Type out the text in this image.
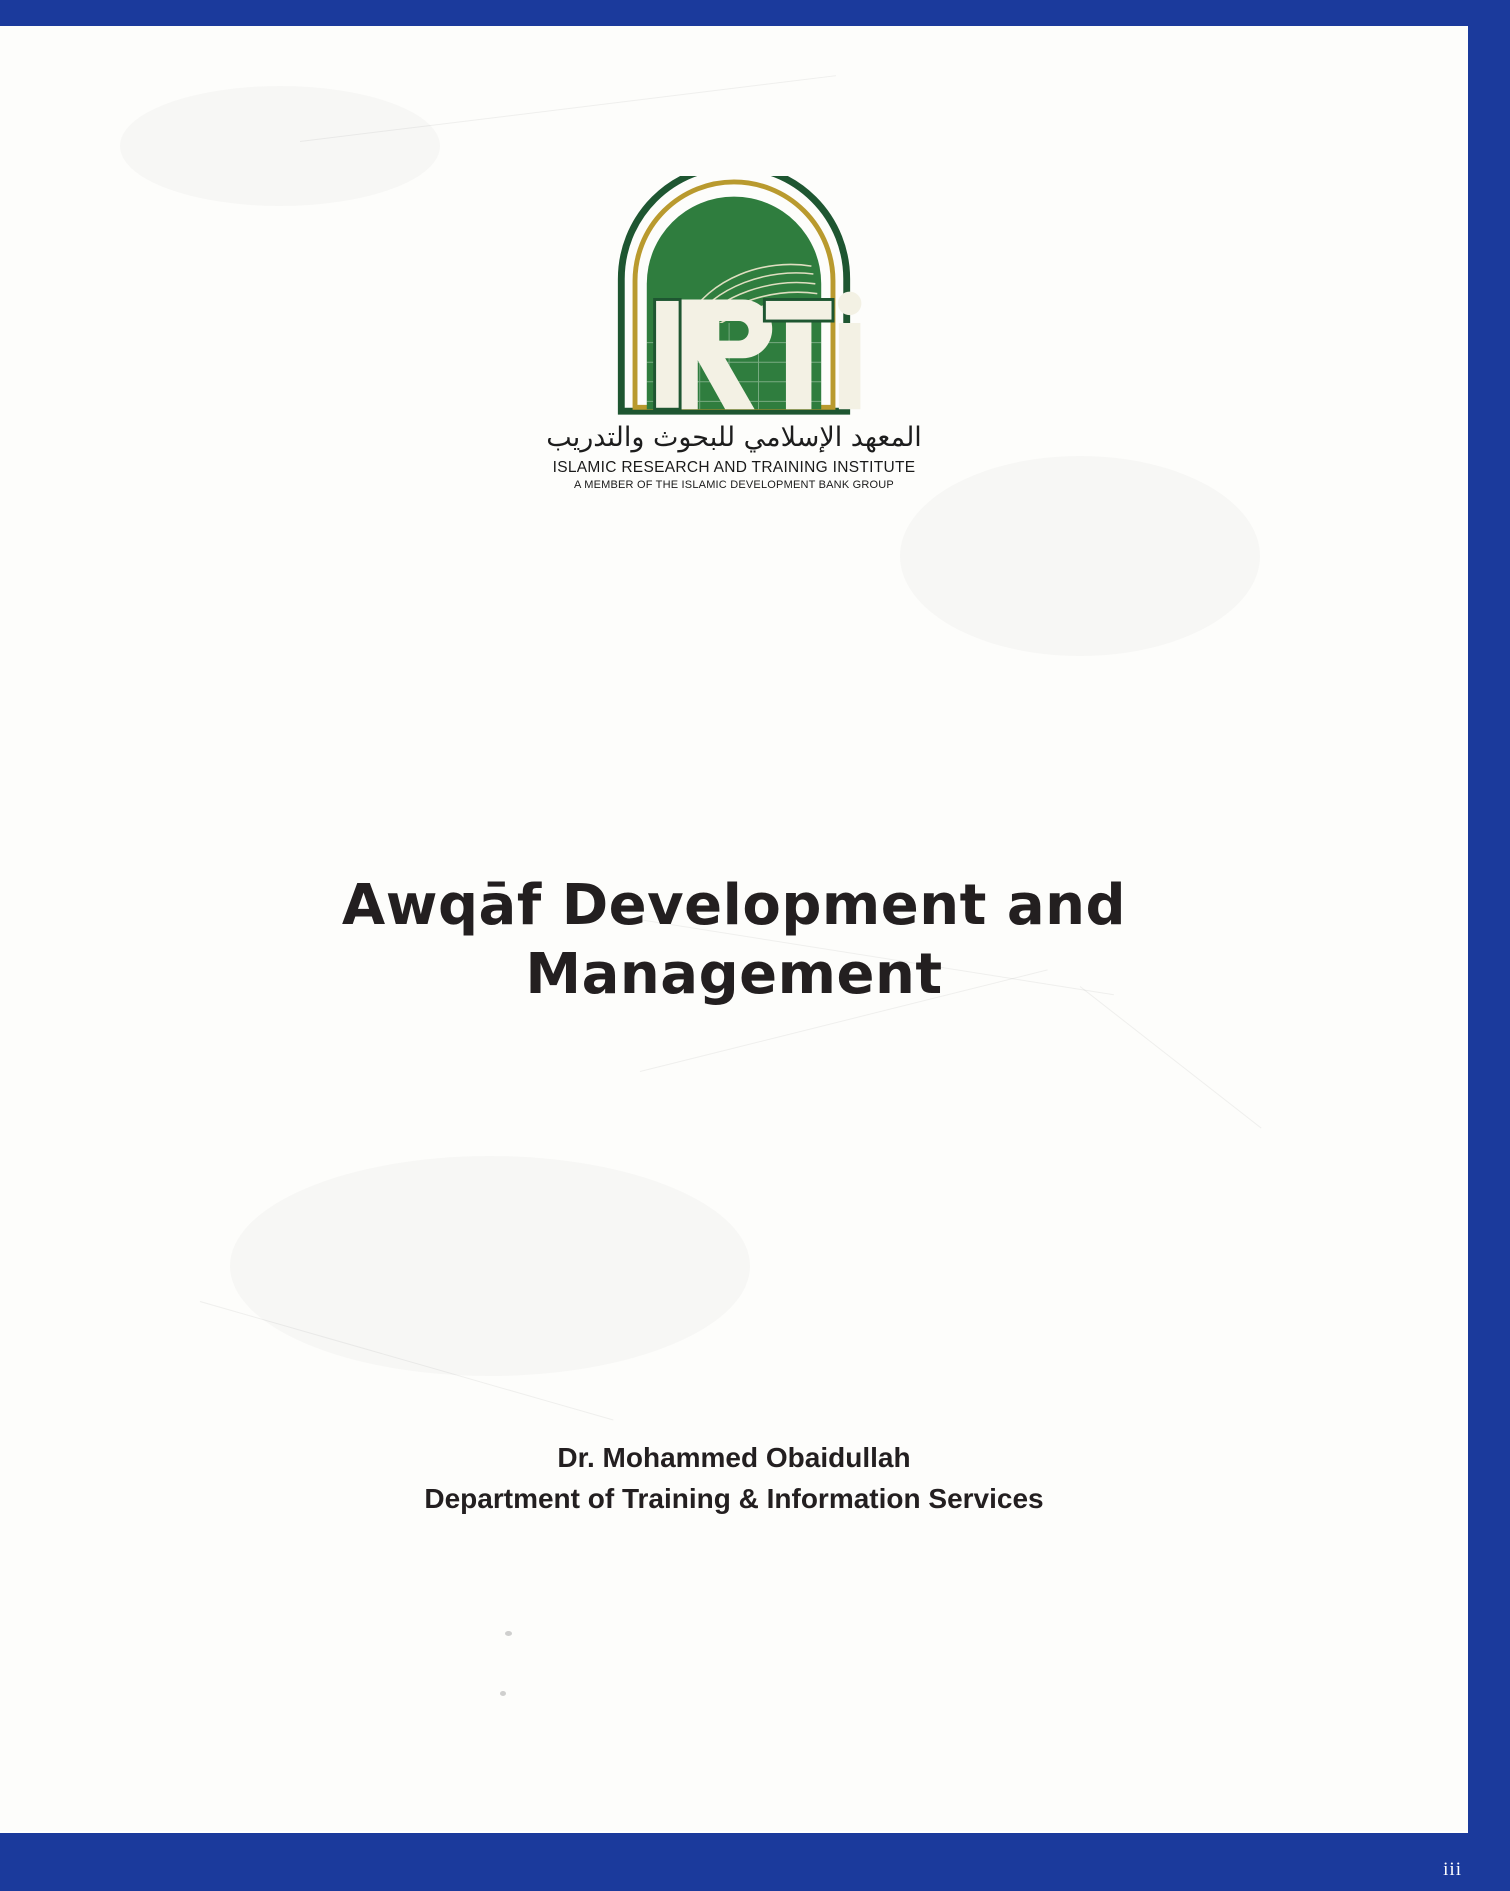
المعهد الإسلامي للبحوث والتدريب
ISLAMIC RESEARCH AND TRAINING INSTITUTE
A MEMBER OF THE ISLAMIC DEVELOPMENT BANK GROUP
Awqāf Development and Management
Dr. Mohammed Obaidullah
Department of Training & Information Services
iii
